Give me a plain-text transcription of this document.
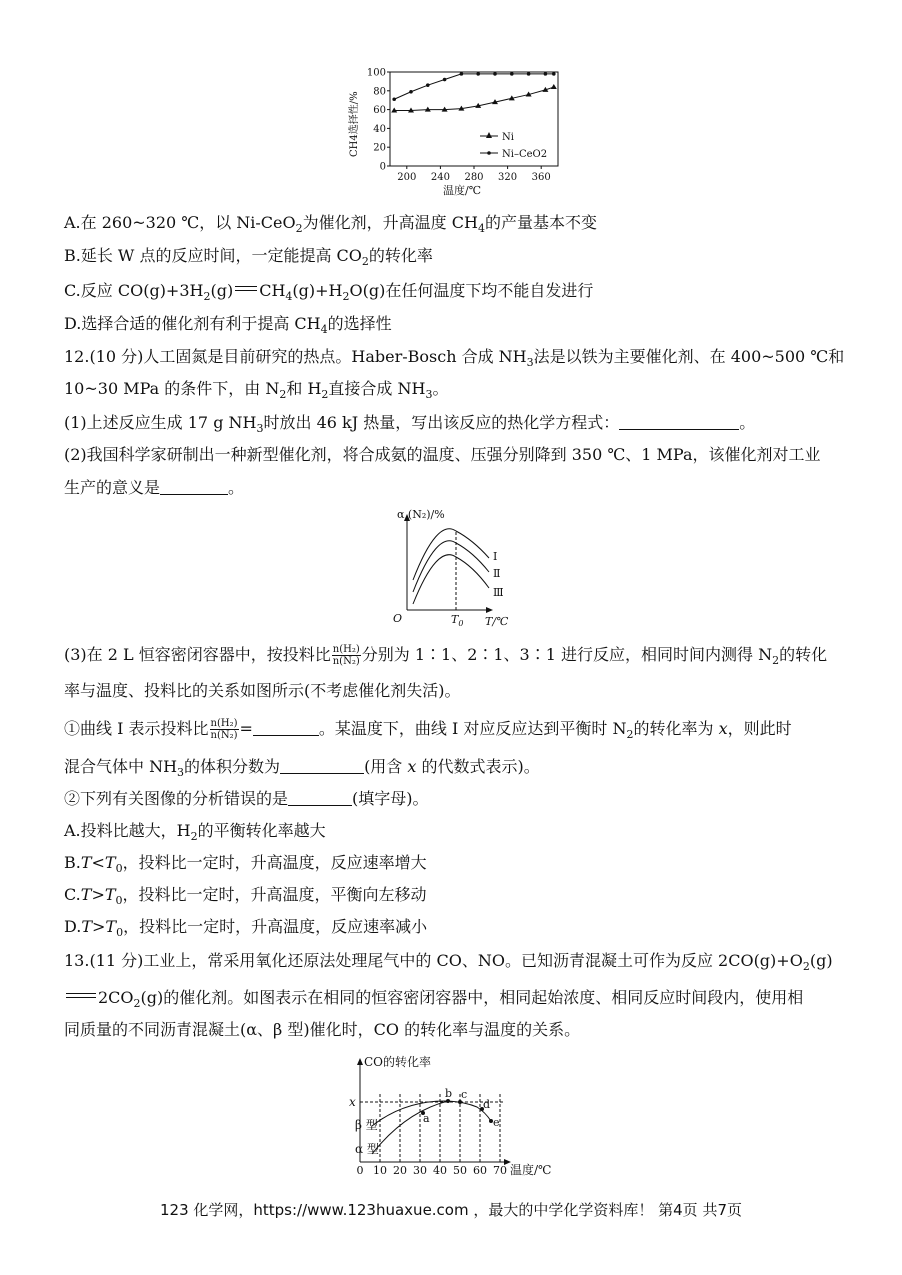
100
80
60
40
20
0
200 240 280 320 360
CH4选择性/%
温度/℃
Ni
Ni–CeO2
A.在 260~320 ℃，以 Ni-CeO$_2$为催化剂，升高温度 $CH_4$的产量基本不变
B.延长 W 点的反应时间，一定能提高 $CO_2$的转化率
C.反应 $CO(g)+3H_2(g)$ $CH_4(g)+H_2O(g)$在任何温度下均不能自发进行
D.选择合适的催化剂有利于提高 $CH_4$的选择性
12.(10 分)人工固氮是目前研究的热点。Haber-Bosch 合成 $NH_3$法是以铁为主要催化剂、在 400~500 ℃和
10~30 MPa 的条件下，由 $N_2$和 $H_2$直接合成 $NH_3$。
(1)上述反应生成 17 g $NH_3$时放出 46 kJ 热量，写出该反应的热化学方程式：	。
(2)我国科学家研制出一种新型催化剂，将合成氨的温度、压强分别降到 350 ℃、1 MPa，该催化剂对工业
生产的意义是	。
α (N₂)/%
O	$T_0$ T/℃
Ⅰ
Ⅱ
Ⅲ
(3)在 2 L 恒容密闭容器中，按投料比 $\frac{\text{n(H₂)}}{\text{n(N₂)}}$ 分别为 1∶1、2∶1、3∶1 进行反应，相同时间内测得 $N_2$的转化
率与温度、投料比的关系如图所示(不考虑催化剂失活)。
①曲线 Ⅰ 表示投料比 $\frac{\text{n(H₂)}}{\text{n(N₂)}}$ =	。某温度下，曲线 Ⅰ 对应反应达到平衡时 $N_2$的转化率为 x，则此时
混合气体中 $NH_3$的体积分数为	(用含 x 的代数式表示)。
②下列有关图像的分析错误的是	(填字母)。
A.投料比越大，$H_2$的平衡转化率越大
$B.T<T_0$，投料比一定时，升高温度，反应速率增大
$C.T>T_0$，投料比一定时，升高温度，平衡向左移动
$D.T>T_0$，投料比一定时，升高温度，反应速率减小
13.(11 分)工业上，常采用氧化还原法处理尾气中的 CO、NO。已知沥青混凝土可作为反应 $2CO(g)+O_2(g)$
$2CO_2(g)$的催化剂。如图表示在相同的恒容密闭容器中，相同起始浓度、相同反应时间段内，使用相
同质量的不同沥青混凝土(α、β 型)催化时，CO 的转化率与温度的关系。
CO的转化率
温度/℃
x
β 型
α 型
0 10 20 30 40 50 60 70
a
b c
d
e
123 化学网，https://www.123huaxue.com ，最大的中学化学资料库！ 第4页 共7页
